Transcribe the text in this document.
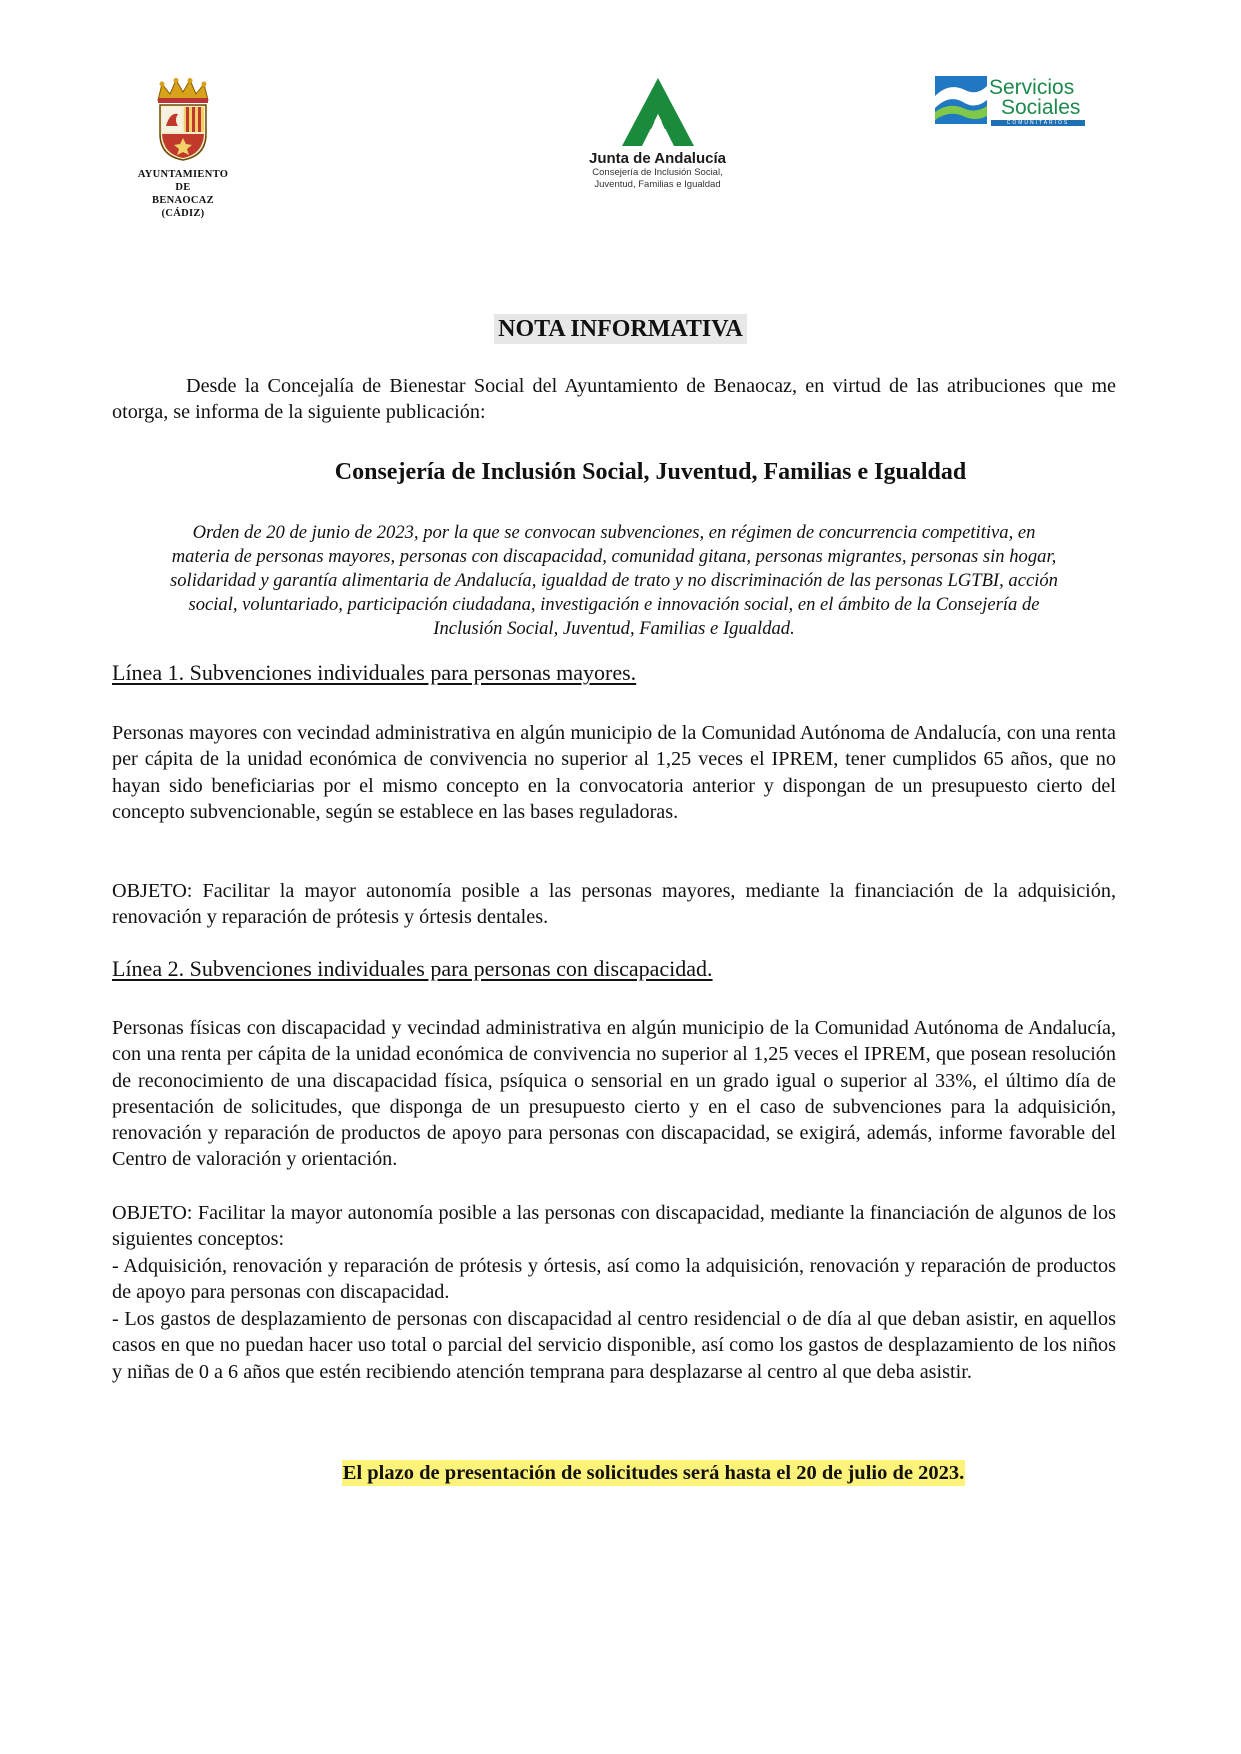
AYUNTAMIENTO
DE
BENAOCAZ
(CÁDIZ)
Junta de Andalucía
Consejería de Inclusión Social,
Juventud, Familias e Igualdad
Servicios
Sociales
COMUNITARIOS
NOTA INFORMATIVA
Desde la Concejalía de Bienestar Social del Ayuntamiento de Benaocaz, en virtud de las atribuciones que me otorga, se informa de la siguiente publicación:
Consejería de Inclusión Social, Juventud, Familias e Igualdad
Orden de 20 de junio de 2023, por la que se convocan subvenciones, en régimen de concurrencia competitiva, en
materia de personas mayores, personas con discapacidad, comunidad gitana, personas migrantes, personas sin hogar,
solidaridad y garantía alimentaria de Andalucía, igualdad de trato y no discriminación de las personas LGTBI, acción
social, voluntariado, participación ciudadana, investigación e innovación social, en el ámbito de la Consejería de
Inclusión Social, Juventud, Familias e Igualdad.
Línea 1. Subvenciones individuales para personas mayores.
Personas mayores con vecindad administrativa en algún municipio de la Comunidad Autónoma de Andalucía, con una renta per cápita de la unidad económica de convivencia no superior al 1,25 veces el IPREM, tener cumplidos 65 años, que no hayan sido beneficiarias por el mismo concepto en la convocatoria anterior y dispongan de un presupuesto cierto del concepto subvencionable, según se establece en las bases reguladoras.
OBJETO: Facilitar la mayor autonomía posible a las personas mayores, mediante la financiación de la adquisición, renovación y reparación de prótesis y órtesis dentales.
Línea 2. Subvenciones individuales para personas con discapacidad.
Personas físicas con discapacidad y vecindad administrativa en algún municipio de la Comunidad Autónoma de Andalucía, con una renta per cápita de la unidad económica de convivencia no superior al 1,25 veces el IPREM, que posean resolución de reconocimiento de una discapacidad física, psíquica o sensorial en un grado igual o superior al 33%, el último día de presentación de solicitudes, que disponga de un presupuesto cierto y en el caso de subvenciones para la adquisición, renovación y reparación de productos de apoyo para personas con discapacidad, se exigirá, además, informe favorable del Centro de valoración y orientación.
OBJETO: Facilitar la mayor autonomía posible a las personas con discapacidad, mediante la financiación de algunos de los siguientes conceptos:
- Adquisición, renovación y reparación de prótesis y órtesis, así como la adquisición, renovación y reparación de productos de apoyo para personas con discapacidad.
- Los gastos de desplazamiento de personas con discapacidad al centro residencial o de día al que deban asistir, en aquellos casos en que no puedan hacer uso total o parcial del servicio disponible, así como los gastos de desplazamiento de los niños y niñas de 0 a 6 años que estén recibiendo atención temprana para desplazarse al centro al que deba asistir.
El plazo de presentación de solicitudes será hasta el 20 de julio de 2023.
